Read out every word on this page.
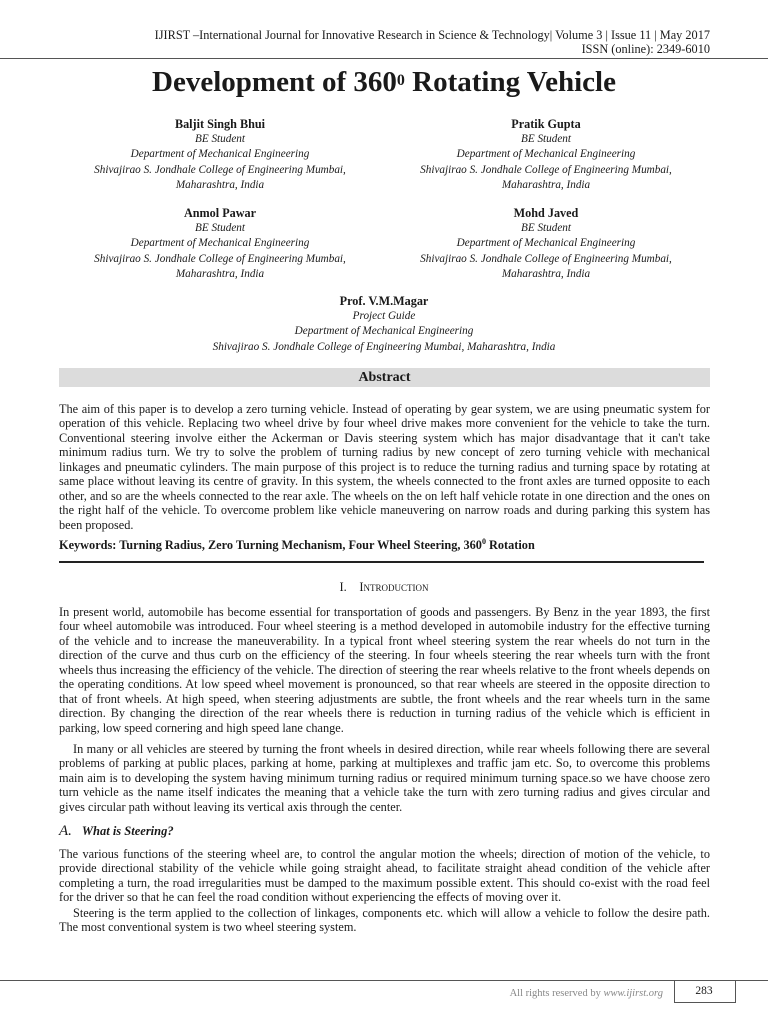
IJIRST –International Journal for Innovative Research in Science & Technology| Volume 3 | Issue 11 | May 2017
ISSN (online): 2349-6010
Development of $360^0$ Rotating Vehicle
Baljit Singh Bhui
BE Student
Department of Mechanical Engineering
Shivajirao S. Jondhale College of Engineering Mumbai,
Maharashtra, India
Pratik Gupta
BE Student
Department of Mechanical Engineering
Shivajirao S. Jondhale College of Engineering Mumbai,
Maharashtra, India
Anmol Pawar
BE Student
Department of Mechanical Engineering
Shivajirao S. Jondhale College of Engineering Mumbai,
Maharashtra, India
Mohd Javed
BE Student
Department of Mechanical Engineering
Shivajirao S. Jondhale College of Engineering Mumbai,
Maharashtra, India
Prof. V.M.Magar
Project Guide
Department of Mechanical Engineering
Shivajirao S. Jondhale College of Engineering Mumbai, Maharashtra, India
Abstract

The aim of this paper is to develop a zero turning vehicle. Instead of operating by gear system, we are using pneumatic system for operation of this vehicle. Replacing two wheel drive by four wheel drive makes more convenient for the vehicle to take the turn. Conventional steering involve either the Ackerman or Davis steering system which has major disadvantage that it can't take minimum radius turn. We try to solve the problem of turning radius by new concept of zero turning vehicle with mechanical linkages and pneumatic cylinders. The main purpose of this project is to reduce the turning radius and turning space by rotating at same place without leaving its centre of gravity. In this system, the wheels connected to the front axles are turned opposite to each other, and so are the wheels connected to the rear axle. The wheels on the on left half vehicle rotate in one direction and the ones on the right half of the vehicle. To overcome problem like vehicle maneuvering on narrow roads and during parking this system has been proposed.

Keywords: Turning Radius, Zero Turning Mechanism, Four Wheel Steering, $360^0$ Rotation
I. Introduction

In present world, automobile has become essential for transportation of goods and passengers. By Benz in the year 1893, the first four wheel automobile was introduced. Four wheel steering is a method developed in automobile industry for the effective turning of the vehicle and to increase the maneuverability. In a typical front wheel steering system the rear wheels do not turn in the direction of the curve and thus curb on the efficiency of the steering. In four wheels steering the rear wheels turn with the front wheels thus increasing the efficiency of the vehicle. The direction of steering the rear wheels relative to the front wheels depends on the operating conditions. At low speed wheel movement is pronounced, so that rear wheels are steered in the opposite direction to that of front wheels. At high speed, when steering adjustments are subtle, the front wheels and the rear wheels turn in the same direction. By changing the direction of the rear wheels there is reduction in turning radius of the vehicle which is efficient in parking, low speed cornering and high speed lane change.

In many or all vehicles are steered by turning the front wheels in desired direction, while rear wheels following there are several problems of parking at public places, parking at home, parking at multiplexes and traffic jam etc. So, to overcome this problems main aim is to developing the system having minimum turning radius or required minimum turning space.so we have choose zero turn vehicle as the name itself indicates the meaning that a vehicle take the turn with zero turning radius and gives circular and gives circular path without leaving its vertical axis through the center.

A. What is Steering?

The various functions of the steering wheel are, to control the angular motion the wheels; direction of motion of the vehicle, to provide directional stability of the vehicle while going straight ahead, to facilitate straight ahead condition of the vehicle after completing a turn, the road irregularities must be damped to the maximum possible extent. This should co-exist with the road feel for the driver so that he can feel the road condition without experiencing the effects of moving over it.

Steering is the term applied to the collection of linkages, components etc. which will allow a vehicle to follow the desire path. The most conventional system is two wheel steering system.

All rights reserved by www.ijirst.org	283
